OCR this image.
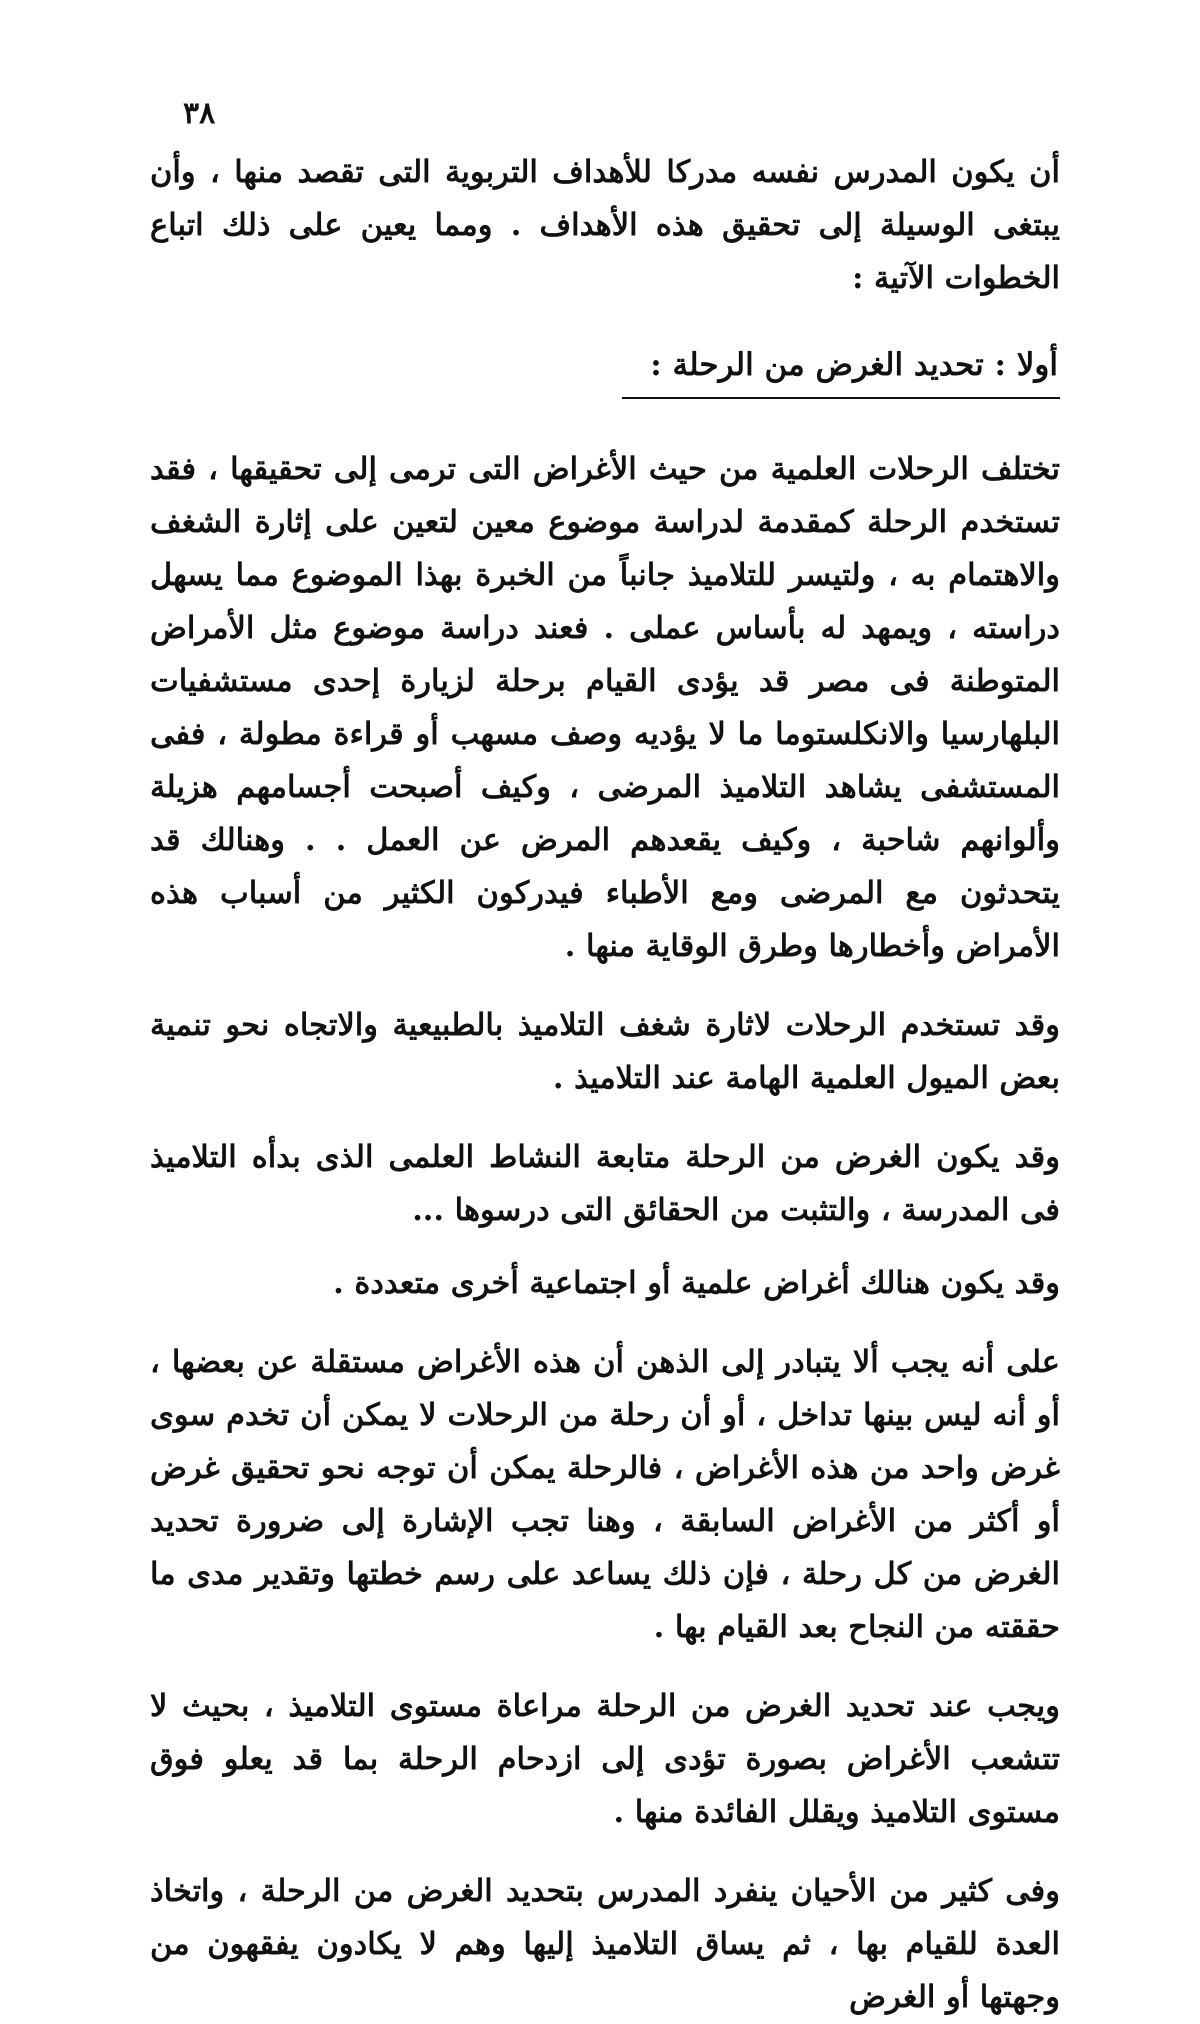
٣٨

أن يكون المدرس نفسه مدركا للأهداف التربوية التى تقصد منها ، وأن يبتغى الوسيلة إلى تحقيق هذه الأهداف . ومما يعين على ذلك اتباع الخطوات الآتية :

أولا : تحديد الغرض من الرحلة :

تختلف الرحلات العلمية من حيث الأغراض التى ترمى إلى تحقيقها ، فقد تستخدم الرحلة كمقدمة لدراسة موضوع معين لتعين على إثارة الشغف والاهتمام به ، ولتيسر للتلاميذ جانباً من الخبرة بهذا الموضوع مما يسهل دراسته ، ويمهد له بأساس عملى . فعند دراسة موضوع مثل الأمراض المتوطنة فى مصر قد يؤدى القيام برحلة لزيارة إحدى مستشفيات البلهارسيا والانكلستوما ما لا يؤديه وصف مسهب أو قراءة مطولة ، ففى المستشفى يشاهد التلاميذ المرضى ، وكيف أصبحت أجسامهم هزيلة وألوانهم شاحبة ، وكيف يقعدهم المرض عن العمل . . وهنالك قد يتحدثون مع المرضى ومع الأطباء فيدركون الكثير من أسباب هذه الأمراض وأخطارها وطرق الوقاية منها .

وقد تستخدم الرحلات لاثارة شغف التلاميذ بالطبيعية والاتجاه نحو تنمية بعض الميول العلمية الهامة عند التلاميذ .

وقد يكون الغرض من الرحلة متابعة النشاط العلمى الذى بدأه التلاميذ فى المدرسة ، والتثبت من الحقائق التى درسوها ...

وقد يكون هنالك أغراض علمية أو اجتماعية أخرى متعددة .

على أنه يجب ألا يتبادر إلى الذهن أن هذه الأغراض مستقلة عن بعضها ، أو أنه ليس بينها تداخل ، أو أن رحلة من الرحلات لا يمكن أن تخدم سوى غرض واحد من هذه الأغراض ، فالرحلة يمكن أن توجه نحو تحقيق غرض أو أكثر من الأغراض السابقة ، وهنا تجب الإشارة إلى ضرورة تحديد الغرض من كل رحلة ، فإن ذلك يساعد على رسم خطتها وتقدير مدى ما حققته من النجاح بعد القيام بها .

ويجب عند تحديد الغرض من الرحلة مراعاة مستوى التلاميذ ، بحيث لا تتشعب الأغراض بصورة تؤدى إلى ازدحام الرحلة بما قد يعلو فوق مستوى التلاميذ ويقلل الفائدة منها .

وفى كثير من الأحيان ينفرد المدرس بتحديد الغرض من الرحلة ، واتخاذ العدة للقيام بها ، ثم يساق التلاميذ إليها وهم لا يكادون يفقهون من وجهتها أو الغرض
